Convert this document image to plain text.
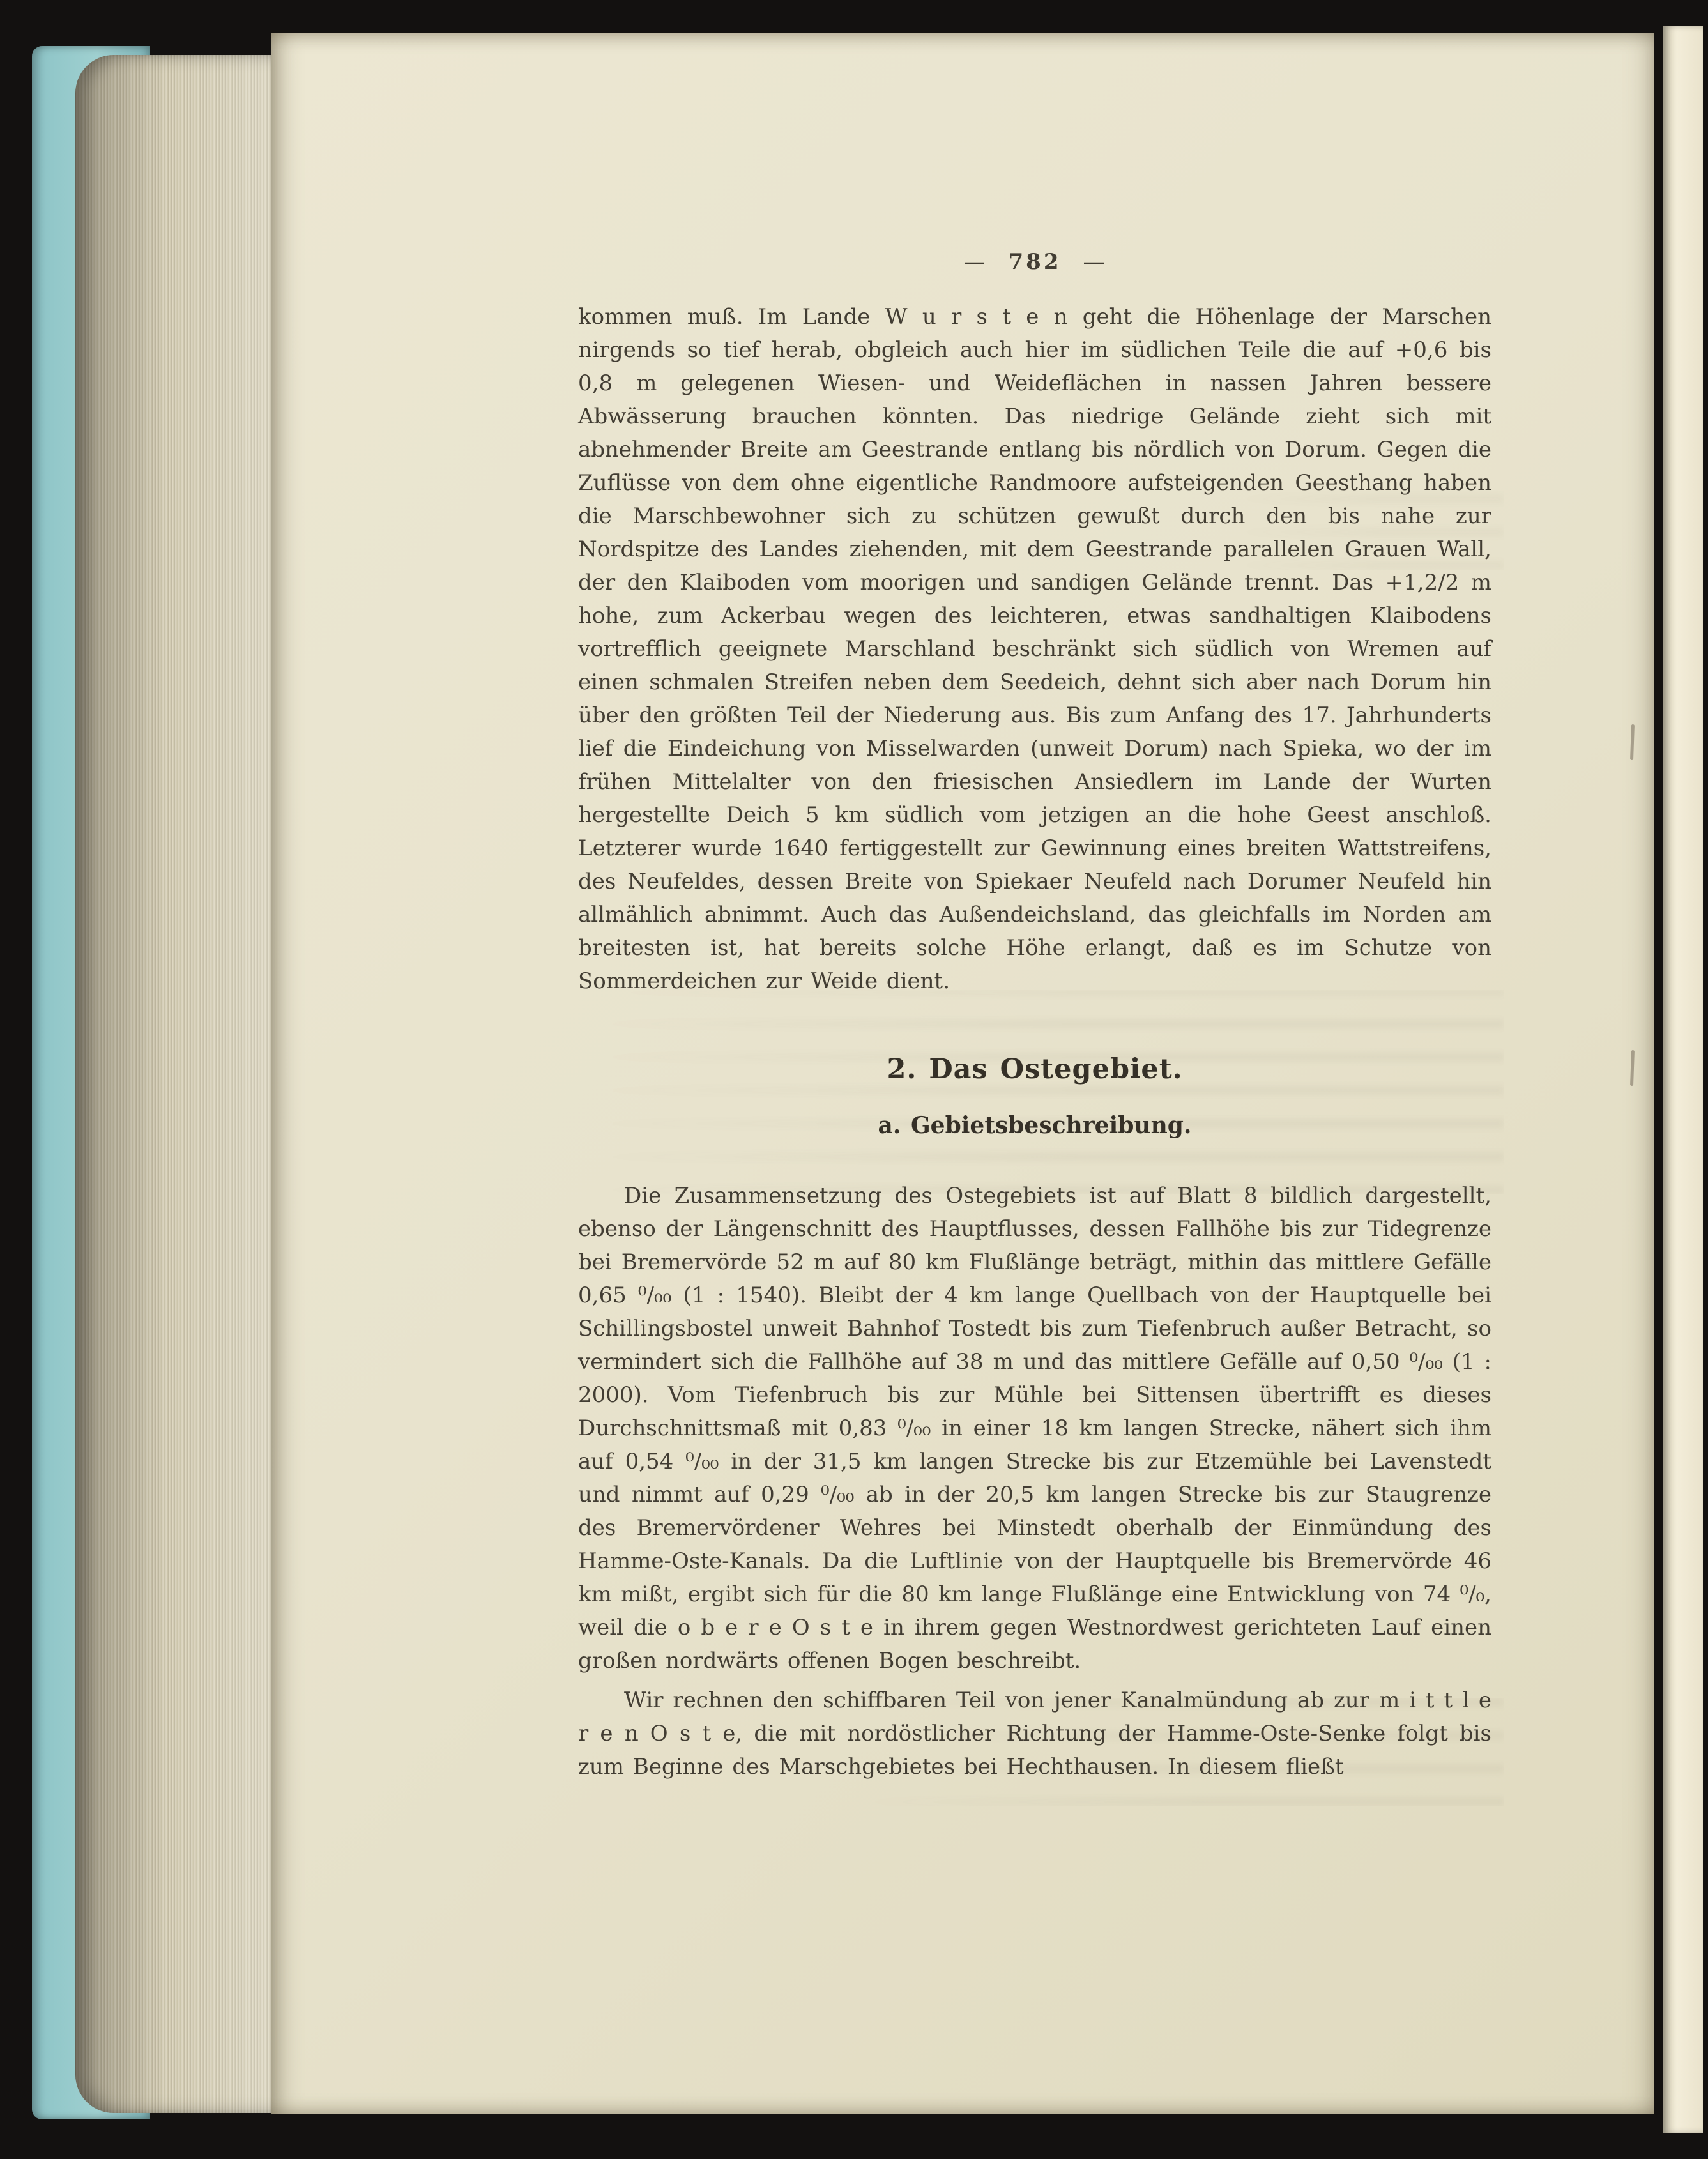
— 782 —

kommen muß. Im Lande W u r s t e n geht die Höhenlage der Marschen nirgends so tief herab, obgleich auch hier im südlichen Teile die auf +0,6 bis 0,8 m gelegenen Wiesen- und Weideflächen in nassen Jahren bessere Abwässerung brauchen könnten. Das niedrige Gelände zieht sich mit abnehmender Breite am Geestrande entlang bis nördlich von Dorum. Gegen die Zuflüsse von dem ohne eigentliche Randmoore aufsteigenden Geesthang haben die Marschbewohner sich zu schützen gewußt durch den bis nahe zur Nordspitze des Landes ziehenden, mit dem Geestrande parallelen Grauen Wall, der den Klaiboden vom moorigen und sandigen Gelände trennt. Das +1,2/2 m hohe, zum Ackerbau wegen des leichteren, etwas sandhaltigen Klaibodens vortrefflich geeignete Marschland beschränkt sich südlich von Wremen auf einen schmalen Streifen neben dem Seedeich, dehnt sich aber nach Dorum hin über den größten Teil der Niederung aus. Bis zum Anfang des 17. Jahrhunderts lief die Eindeichung von Misselwarden (unweit Dorum) nach Spieka, wo der im frühen Mittelalter von den friesischen Ansiedlern im Lande der Wurten hergestellte Deich 5 km südlich vom jetzigen an die hohe Geest anschloß. Letzterer wurde 1640 fertiggestellt zur Gewinnung eines breiten Wattstreifens, des Neufeldes, dessen Breite von Spiekaer Neufeld nach Dorumer Neufeld hin allmählich abnimmt. Auch das Außendeichsland, das gleichfalls im Norden am breitesten ist, hat bereits solche Höhe erlangt, daß es im Schutze von Sommerdeichen zur Weide dient.

2. Das Ostegebiet.
a. Gebietsbeschreibung.

Die Zusammensetzung des Ostegebiets ist auf Blatt 8 bildlich dargestellt, ebenso der Längenschnitt des Hauptflusses, dessen Fallhöhe bis zur Tidegrenze bei Bremervörde 52 m auf 80 km Flußlänge beträgt, mithin das mittlere Gefälle 0,65 ⁰/₀₀ (1 : 1540). Bleibt der 4 km lange Quellbach von der Hauptquelle bei Schillingsbostel unweit Bahnhof Tostedt bis zum Tiefenbruch außer Betracht, so vermindert sich die Fallhöhe auf 38 m und das mittlere Gefälle auf 0,50 ⁰/₀₀ (1 : 2000). Vom Tiefenbruch bis zur Mühle bei Sittensen übertrifft es dieses Durchschnittsmaß mit 0,83 ⁰/₀₀ in einer 18 km langen Strecke, nähert sich ihm auf 0,54 ⁰/₀₀ in der 31,5 km langen Strecke bis zur Etzemühle bei Lavenstedt und nimmt auf 0,29 ⁰/₀₀ ab in der 20,5 km langen Strecke bis zur Staugrenze des Bremervördener Wehres bei Minstedt oberhalb der Einmündung des Hamme-Oste-Kanals. Da die Luftlinie von der Hauptquelle bis Bremervörde 46 km mißt, ergibt sich für die 80 km lange Flußlänge eine Entwicklung von 74 ⁰/₀, weil die o b e r e O s t e in ihrem gegen Westnordwest gerichteten Lauf einen großen nordwärts offenen Bogen beschreibt.

Wir rechnen den schiffbaren Teil von jener Kanalmündung ab zur m i t t l e r e n O s t e, die mit nordöstlicher Richtung der Hamme-Oste-Senke folgt bis zum Beginne des Marschgebietes bei Hechthausen. In diesem fließt
